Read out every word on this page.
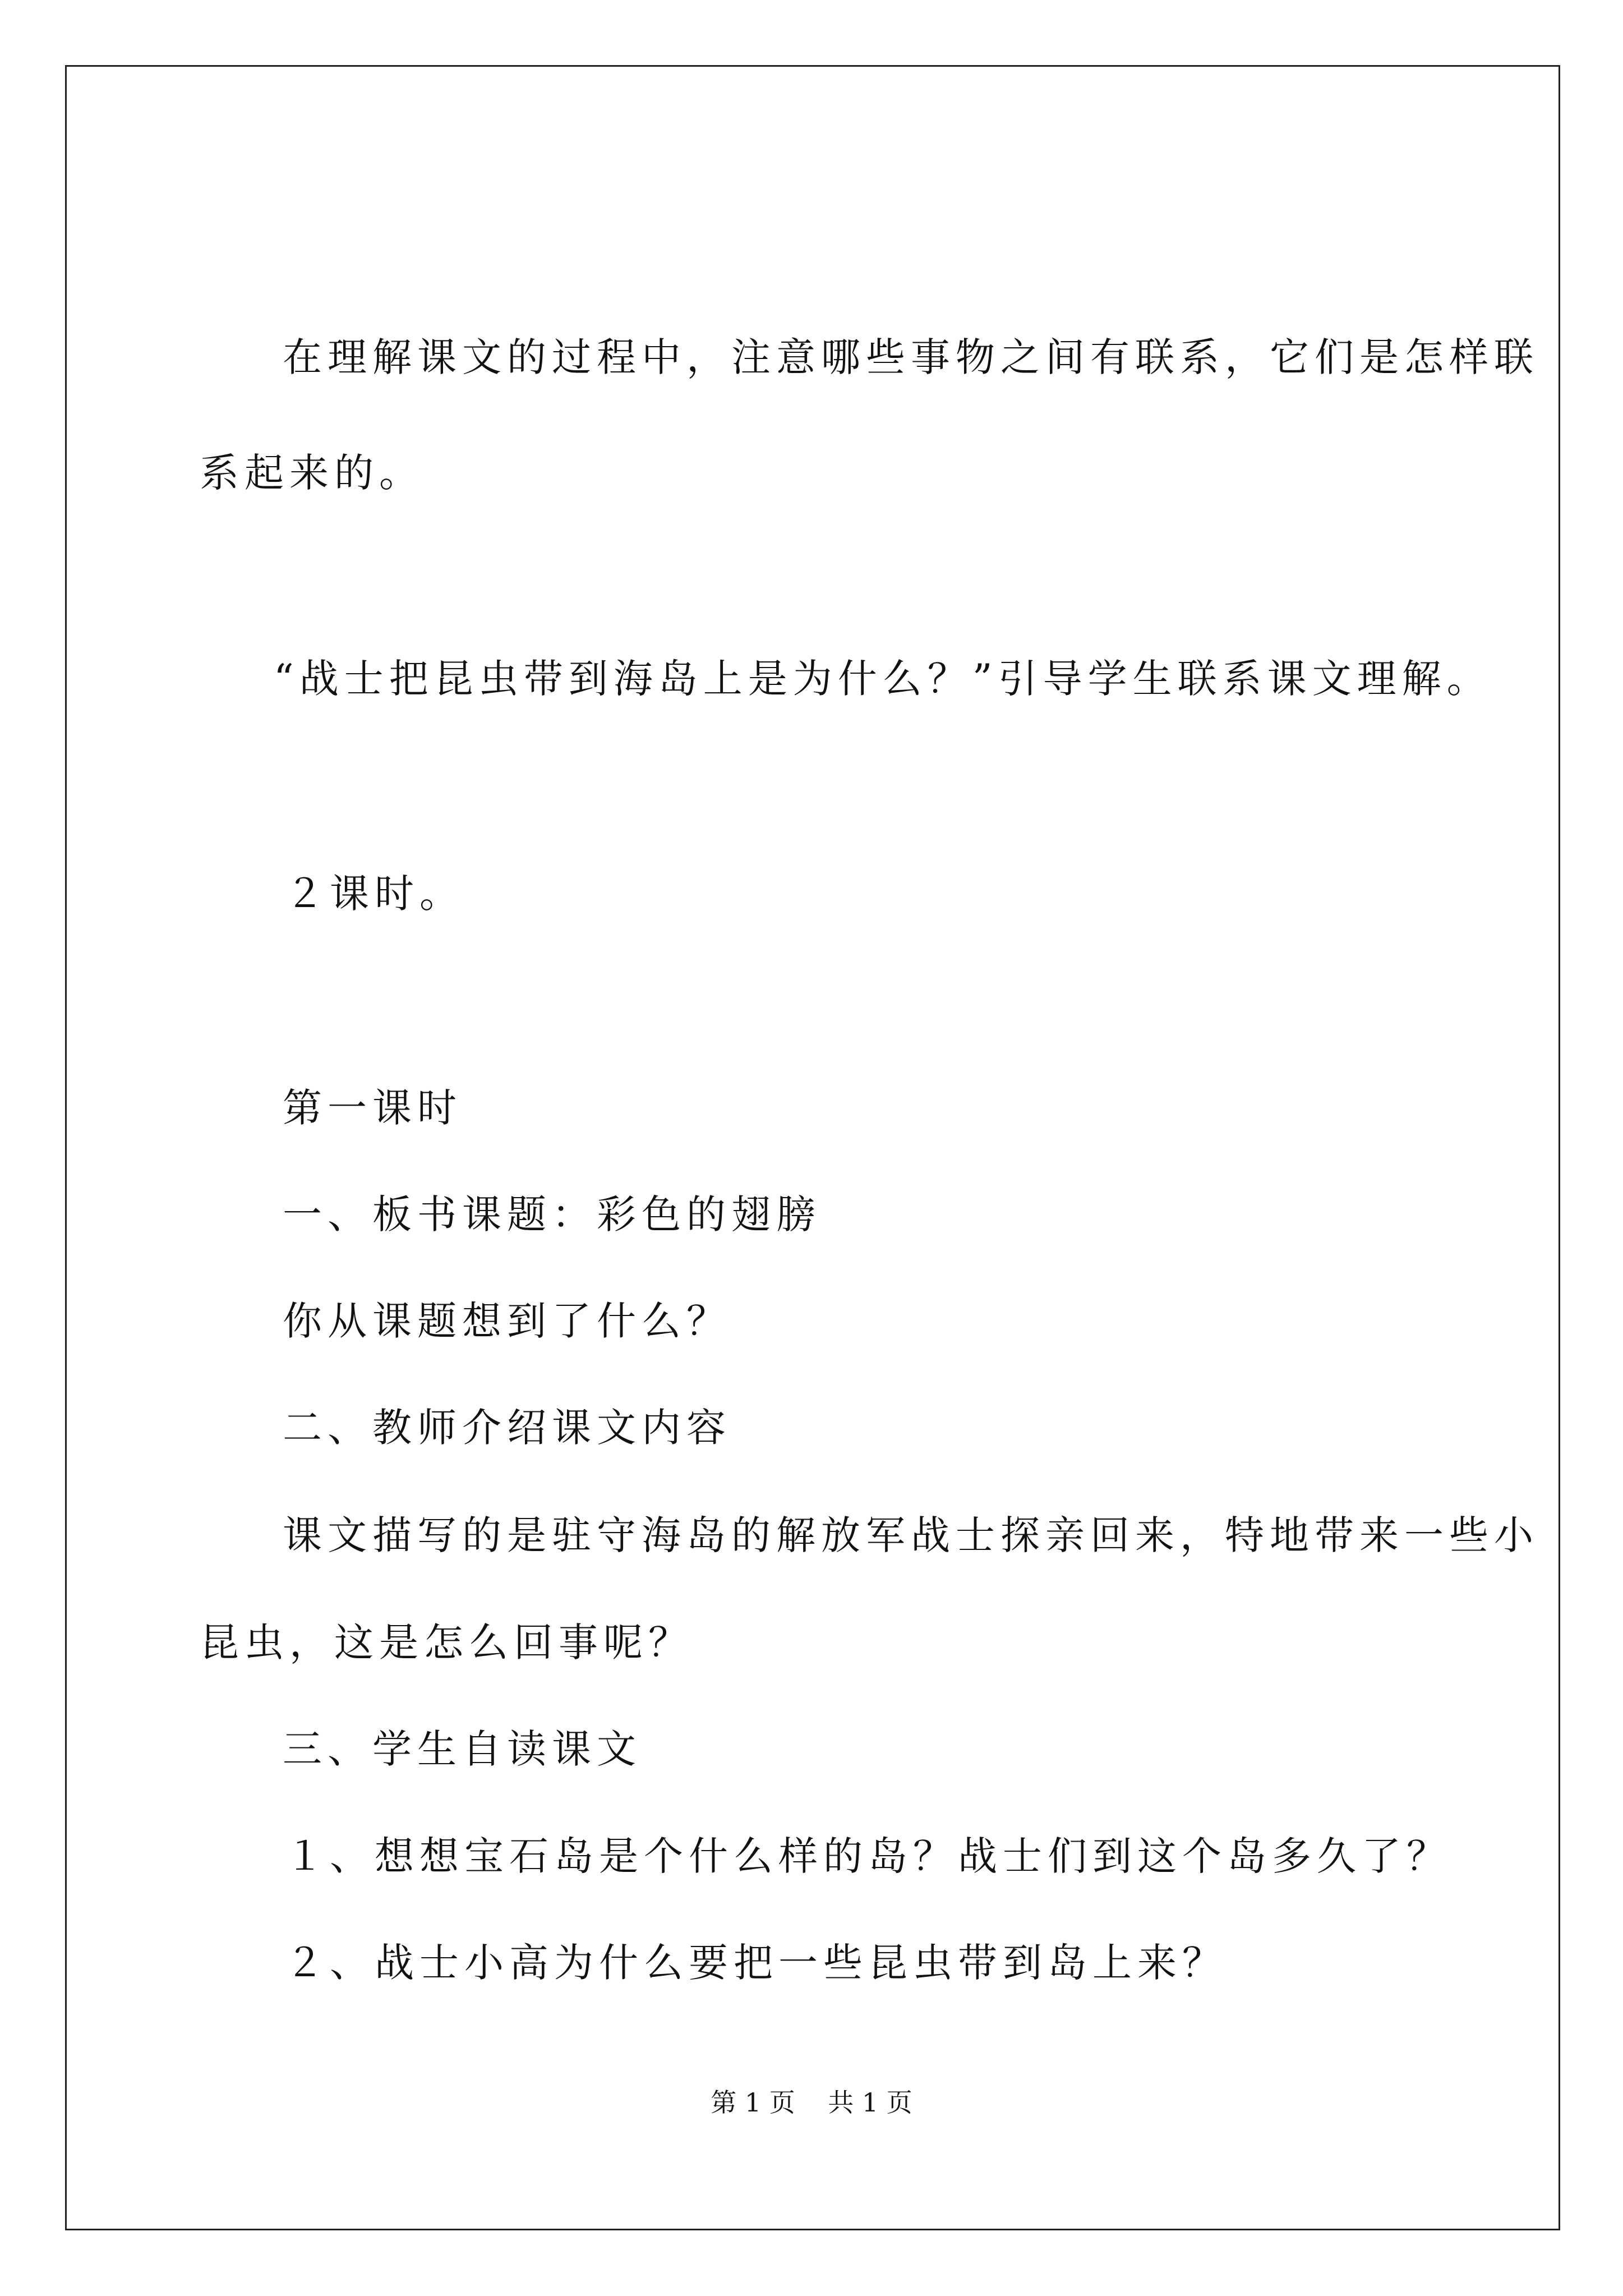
在理解课文的过程中，注意哪些事物之间有联系，它们是怎样联
系起来的。
“战士把昆虫带到海岛上是为什么？”引导学生联系课文理解。
２课时。
第一课时
一、板书课题：彩色的翅膀
你从课题想到了什么？
二、教师介绍课文内容
课文描写的是驻守海岛的解放军战士探亲回来，特地带来一些小
昆虫，这是怎么回事呢？
三、学生自读课文
１、想想宝石岛是个什么样的岛？战士们到这个岛多久了？
２、战士小高为什么要把一些昆虫带到岛上来？
第 1 页    共 1 页
